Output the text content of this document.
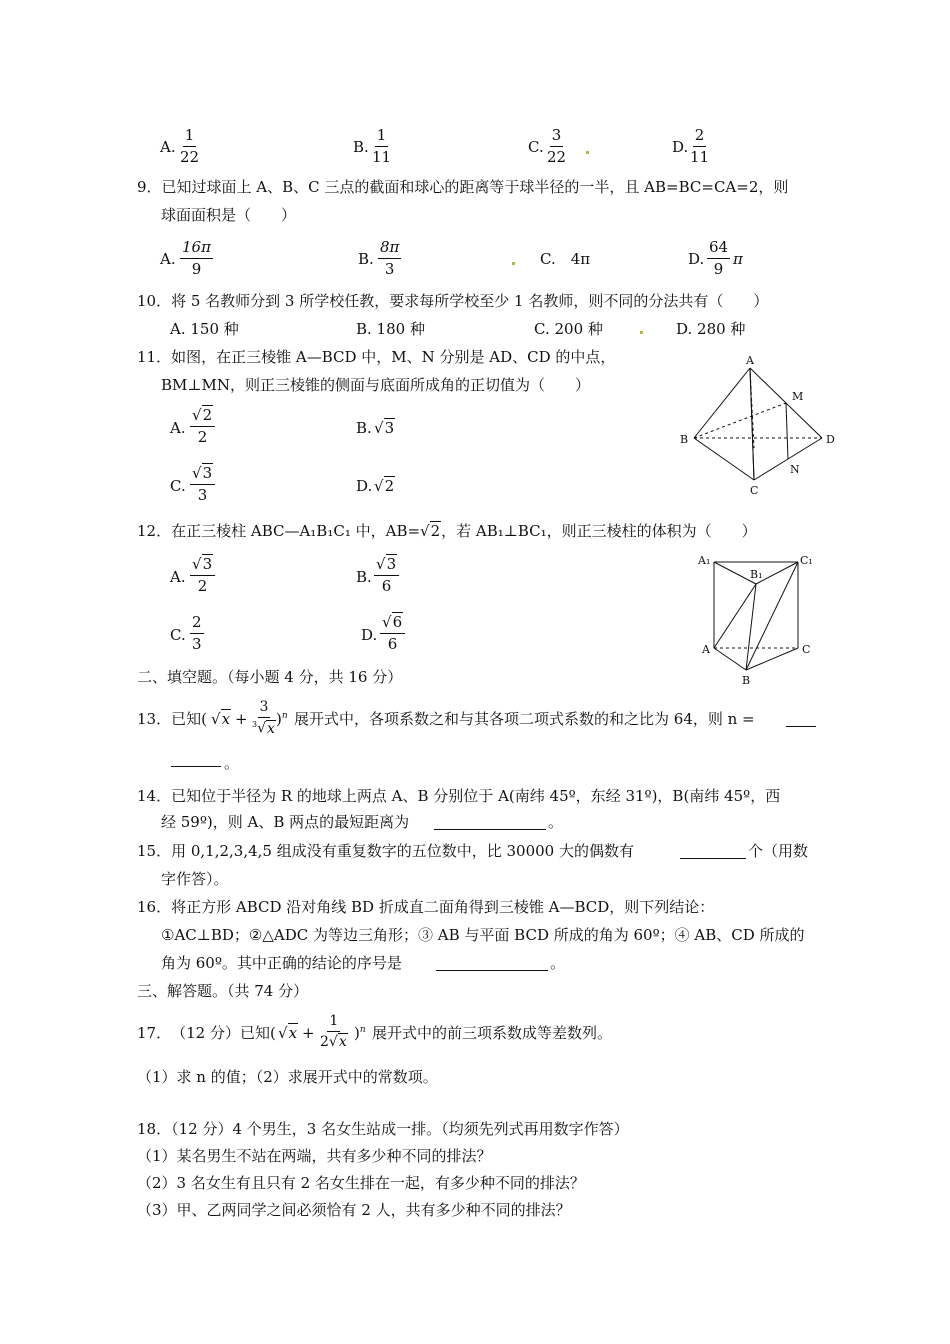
A. $\frac{1}{22}$	B. $\frac{1}{11}$	C. $\frac{3}{22}$	D. $\frac{2}{11}$
9．已知过球面上 A、B、C 三点的截面和球心的距离等于球半径的一半，且 AB=BC=CA=2，则
球面面积是（　　）
A. $\frac{16\pi}{9}$	B. $\frac{8\pi}{3}$	C.　4π	D. $\frac{64}{9}$ π
10．将 5 名教师分到 3 所学校任教，要求每所学校至少 1 名教师，则不同的分法共有（　　）
A. 150 种	B. 180 种	C. 200 种	D. 280 种
11．如图，在正三棱锥 A—BCD 中，M、N 分别是 AD、CD 的中点，
BM⊥MN，则正三棱锥的侧面与底面所成角的正切值为（　　）
A. $\frac{√2}{2}$	B. √3
C. $\frac{√3}{3}$	D. √2
A
B
C
D
M
N
12．在正三棱柱 ABC—A₁B₁C₁ 中，AB=√2，若 AB₁⊥BC₁，则正三棱柱的体积为（　　）
A. $\frac{√3}{2}$	B. $\frac{√3}{6}$
C. $\frac{2}{3}$	D. $\frac{√6}{6}$
A₁
B₁
C₁
A
B
C
二、填空题。（每小题 4 分，共 16 分）
13．已知( $√x + \frac{3}{^3√x} )^n$ 展开式中，各项系数之和与其各项二项式系数的和之比为 64，则 n =
。
14．已知位于半径为 R 的地球上两点 A、B 分别位于 A(南纬 45º，东经 31º)，B(南纬 45º，西
经 59º)，则 A、B 两点的最短距离为	。
15．用 0,1,2,3,4,5 组成没有重复数字的五位数中，比 30000 大的偶数有	个（用数
字作答）。
16．将正方形 ABCD 沿对角线 BD 折成直二面角得到三棱锥 A—BCD，则下列结论：
①AC⊥BD；②△ADC 为等边三角形；③ AB 与平面 BCD 所成的角为 60º；④ AB、CD 所成的
角为 60º。其中正确的结论的序号是	。
三、解答题。（共 74 分）
17．　（12 分）已知( $√x + \frac{1}{2√x} )^n$ 展开式中的前三项系数成等差数列。
（1）求 n 的值；（2）求展开式中的常数项。
18．（12 分）4 个男生，3 名女生站成一排。（均须先列式再用数字作答）
（1）某名男生不站在两端，共有多少种不同的排法？
（2）3 名女生有且只有 2 名女生排在一起，有多少种不同的排法？
（3）甲、乙两同学之间必须恰有 2 人，共有多少种不同的排法？
